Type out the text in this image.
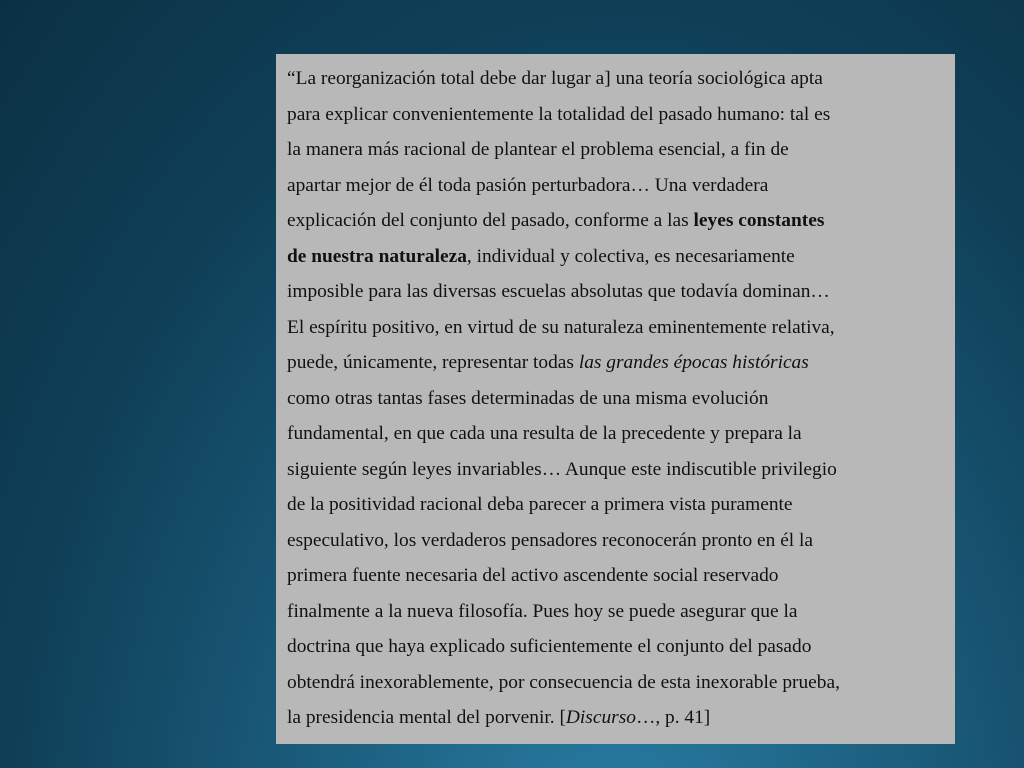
“La reorganización total debe dar lugar a] una teoría sociológica apta
para explicar convenientemente la totalidad del pasado humano: tal es
la manera más racional de plantear el problema esencial, a fin de
apartar mejor de él toda pasión perturbadora… Una verdadera
explicación del conjunto del pasado, conforme a las leyes constantes
de nuestra naturaleza, individual y colectiva, es necesariamente
imposible para las diversas escuelas absolutas que todavía dominan…
El espíritu positivo, en virtud de su naturaleza eminentemente relativa,
puede, únicamente, representar todas las grandes épocas históricas
como otras tantas fases determinadas de una misma evolución
fundamental, en que cada una resulta de la precedente y prepara la
siguiente según leyes invariables… Aunque este indiscutible privilegio
de la positividad racional deba parecer a primera vista puramente
especulativo, los verdaderos pensadores reconocerán pronto en él la
primera fuente necesaria del activo ascendente social reservado
finalmente a la nueva filosofía. Pues hoy se puede asegurar que la
doctrina que haya explicado suficientemente el conjunto del pasado
obtendrá inexorablemente, por consecuencia de esta inexorable prueba,
la presidencia mental del porvenir. [Discurso…, p. 41]
